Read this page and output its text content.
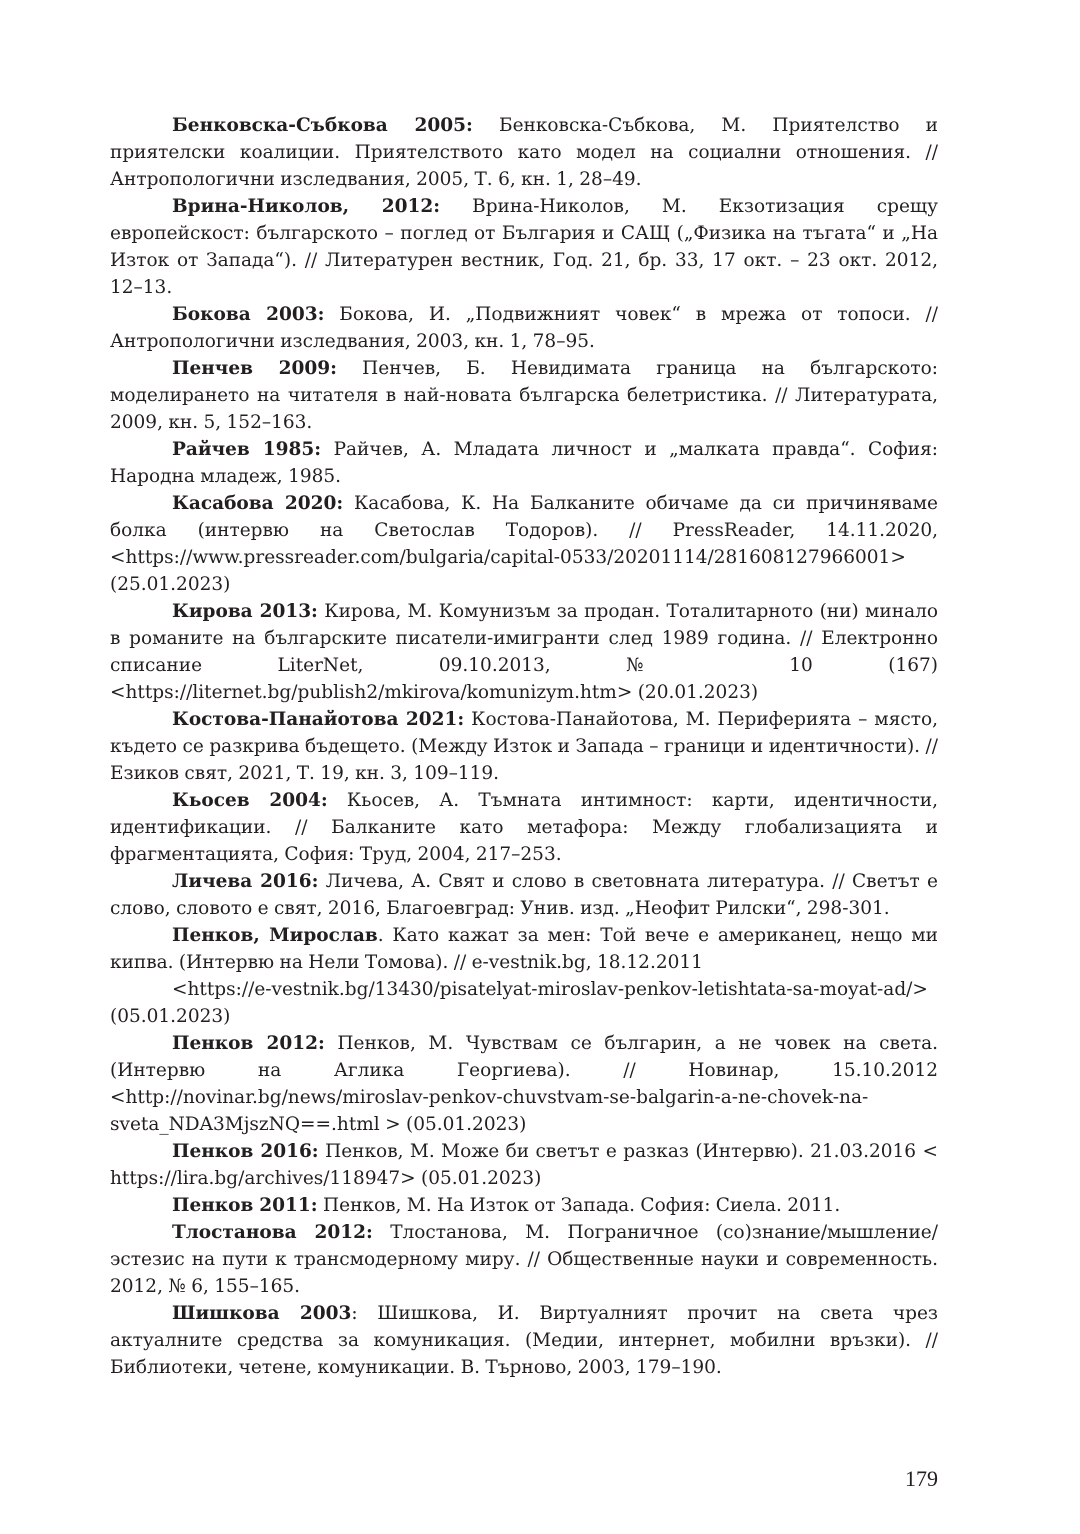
Бенковска-Събкова 2005: Бенковска-Събкова, М. Приятелство и приятелски коалиции. Приятелството като модел на социални отношения. // Антропологични изследвания, 2005, Т. 6, кн. 1, 28–49.

Врина-Николов, 2012: Врина-Николов, М. Екзотизация срещу европейскост: българското – поглед от България и САЩ („Физика на тъгата“ и „На Изток от Запада“). // Литературен вестник, Год. 21, бр. 33, 17 окт. – 23 окт. 2012, 12–13.

Бокова 2003: Бокова, И. „Подвижният човек“ в мрежа от топоси. // Антропологични изследвания, 2003, кн. 1, 78–95.

Пенчев 2009: Пенчев, Б. Невидимата граница на българското: моделирането на читателя в най-новата българска белетристика. // Литературата, 2009, кн. 5, 152–163.

Райчев 1985: Райчев, А. Младата личност и „малката правда“. София: Народна младеж, 1985.

Касабова 2020: Касабова, К. На Балканите обичаме да си причиняваме болка (интервю на Светослав Тодоров). // PressReader, 14.11.2020, <https://www.pressreader.com/bulgaria/capital-0533/20201114/281608127966001> (25.01.2023)

Кирова 2013: Кирова, М. Комунизъм за продан. Тоталитарното (ни) минало в романите на българските писатели-имигранти след 1989 година. // Електронно списание LiterNet, 09.10.2013, № 10 (167) <https://liternet.bg/publish2/mkirova/komunizym.htm> (20.01.2023)

Костова-Панайотова 2021: Костова-Панайотова, М. Периферията – място, където се разкрива бъдещето. (Между Изток и Запада – граници и идентичности). // Езиков свят, 2021, Т. 19, кн. 3, 109–119.

Кьосев 2004: Кьосев, А. Тъмната интимност: карти, идентичности, идентификации. // Балканите като метафора: Между глобализацията и фрагментацията, София: Труд, 2004, 217–253.

Личева 2016: Личева, А. Свят и слово в световната литература. // Светът е слово, словото е свят, 2016, Благоевград: Унив. изд. „Неофит Рилски“, 298-301.

Пенков, Мирослав. Като кажат за мен: Той вече е американец, нещо ми кипва. (Интервю на Нели Томова). // e-vestnik.bg, 18.12.2011
<https://e-vestnik.bg/13430/pisatelyat-miroslav-penkov-letishtata-sa-moyat-ad/> (05.01.2023)

Пенков 2012: Пенков, М. Чувствам се българин, а не човек на света. (Интервю на Аглика Георгиева). // Новинар, 15.10.2012 <http://novinar.bg/news/miroslav-penkov-chuvstvam-se-balgarin-a-ne-chovek-na-sveta_NDA3MjszNQ==.html > (05.01.2023)

Пенков 2016: Пенков, М. Може би светът е разказ (Интервю). 21.03.2016 < https://lira.bg/archives/118947> (05.01.2023)

Пенков 2011: Пенков, М. На Изток от Запада. София: Сиела. 2011.

Тлостанова 2012: Тлостанова, М. Пограничное (со)знание/мышление/эстезис на пути к трансмодерному миру. // Общественные науки и современность. 2012, № 6, 155–165.

Шишкова 2003: Шишкова, И. Виртуалният прочит на света чрез актуалните средства за комуникация. (Медии, интернет, мобилни връзки). // Библиотеки, четене, комуникации. В. Търново, 2003, 179–190.

179
